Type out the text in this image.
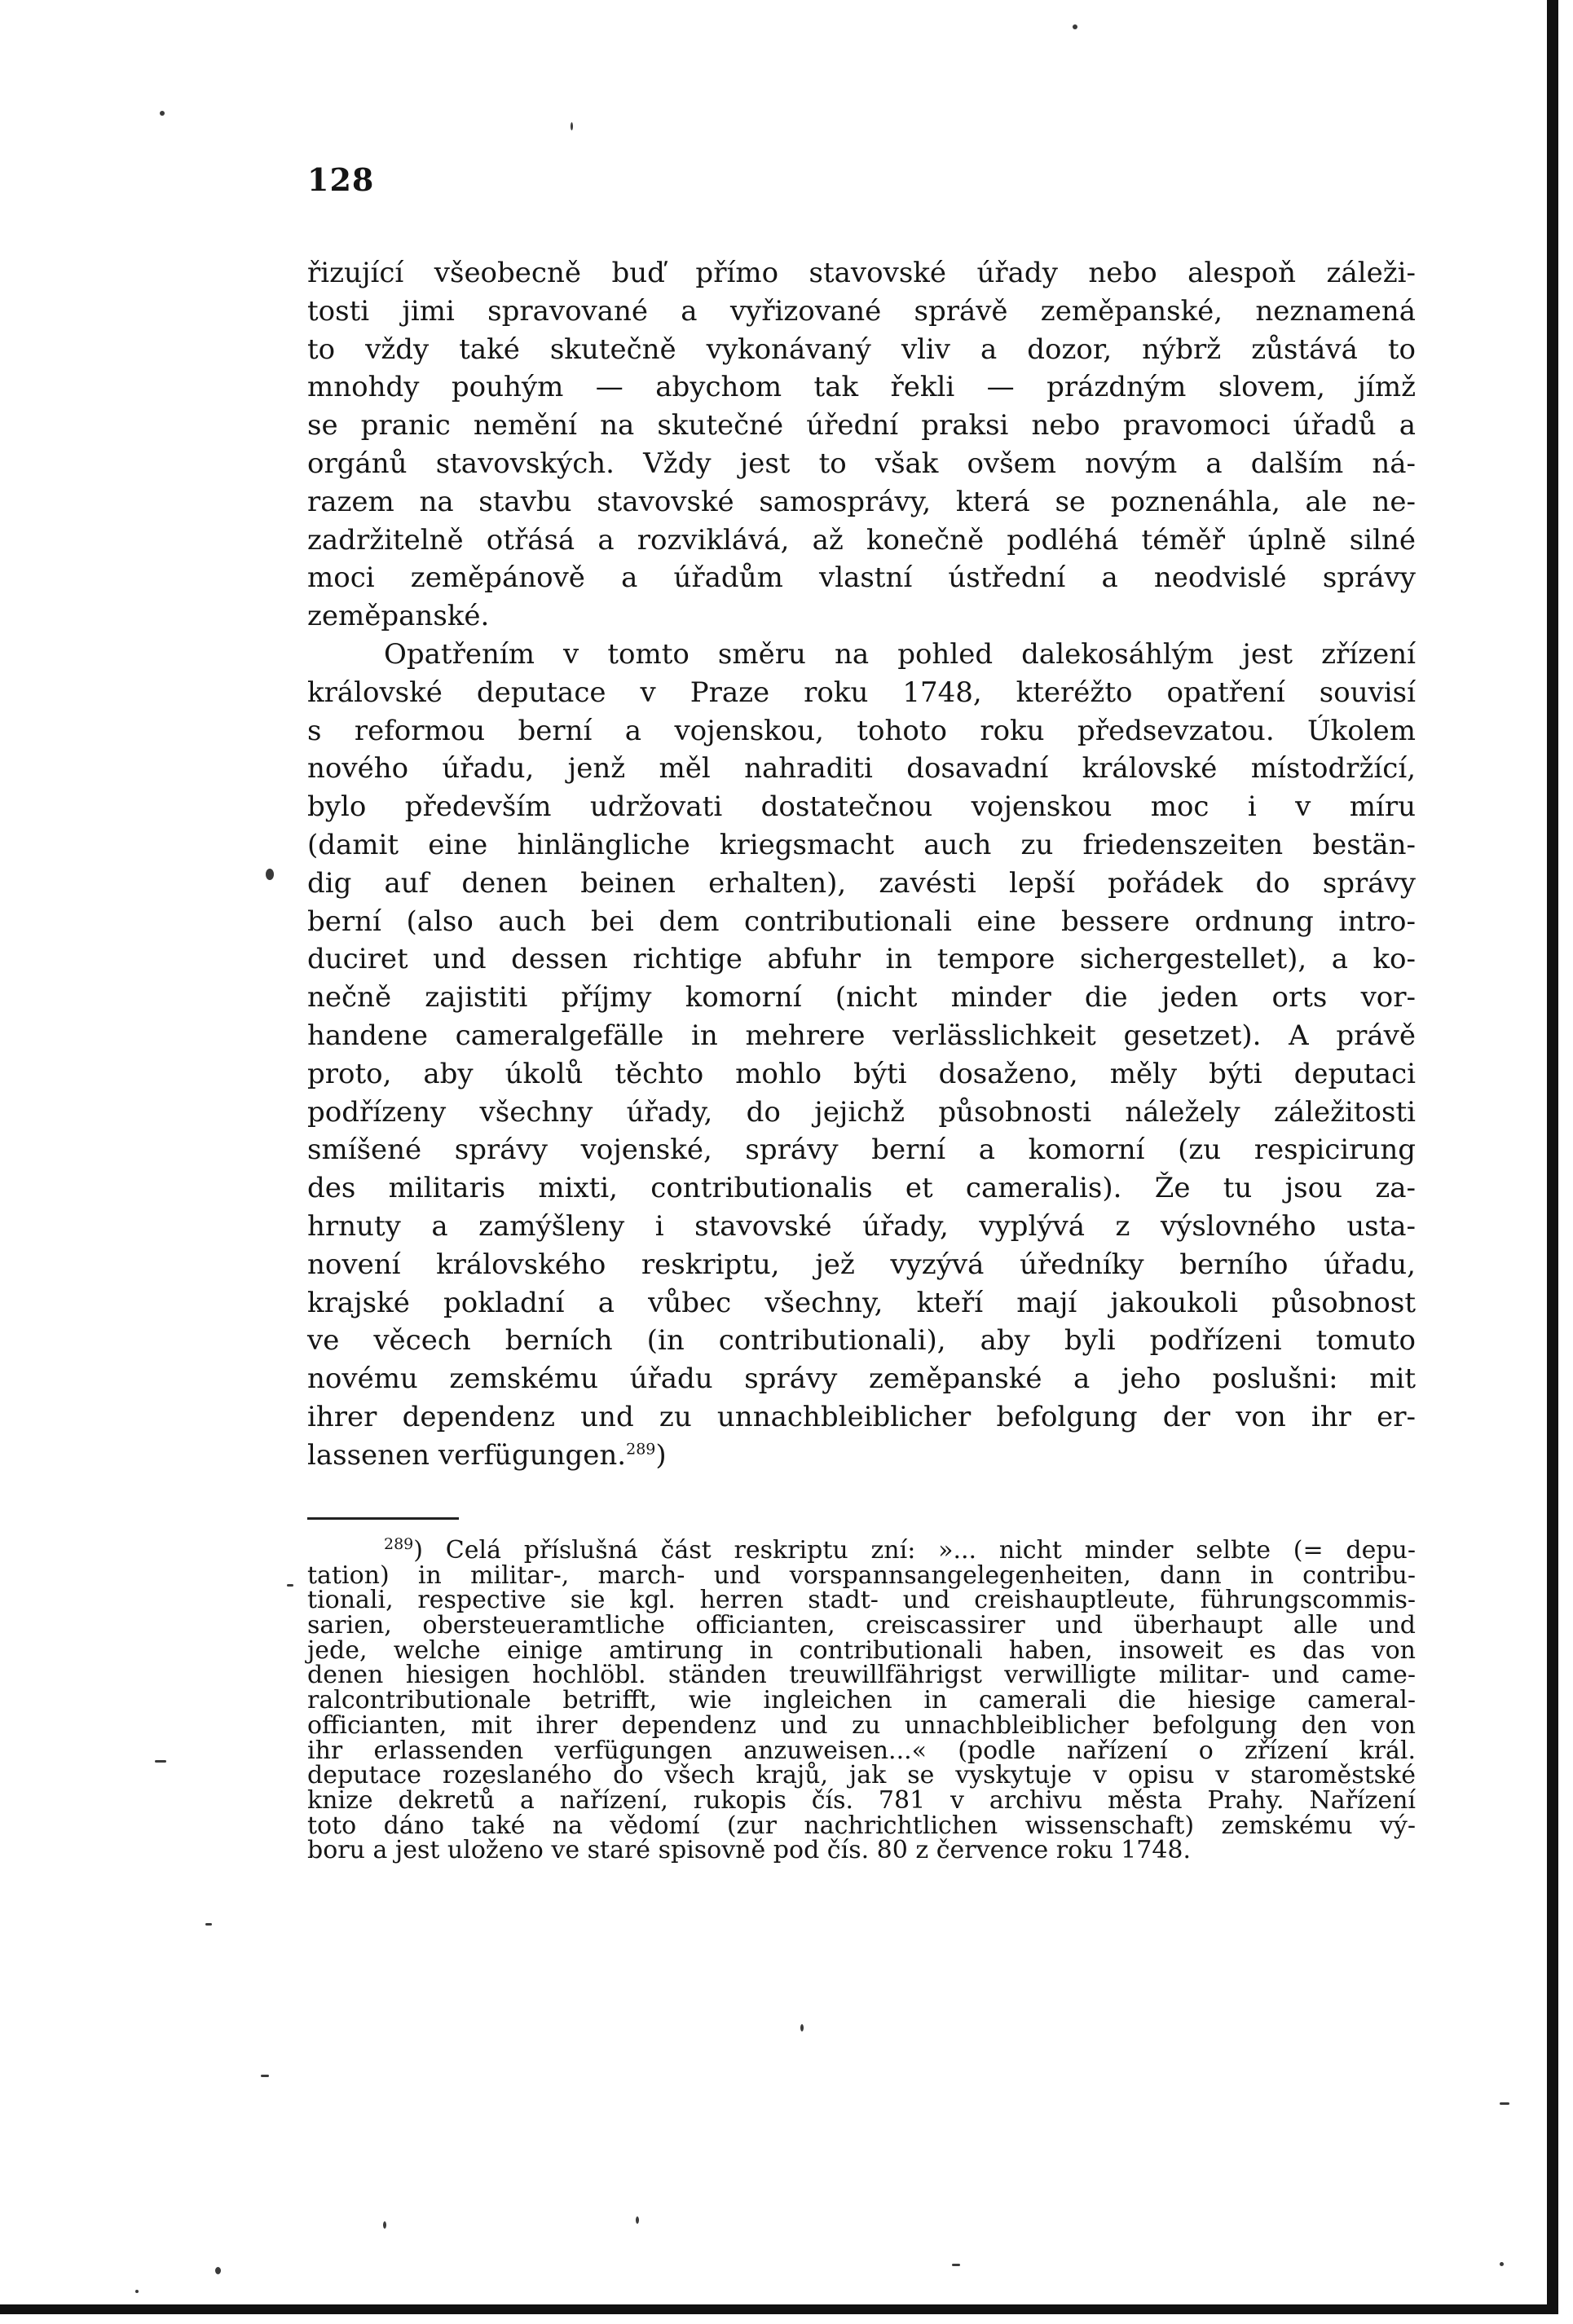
128

řizující všeobecně buď přímo stavovské úřady nebo alespoň záleži-

tosti jimi spravované a vyřizované správě zeměpanské, neznamená

to vždy také skutečně vykonávaný vliv a dozor, nýbrž zůstává to

mnohdy pouhým — abychom tak řekli — prázdným slovem, jímž

se pranic nemění na skutečné úřední praksi nebo pravomoci úřadů a

orgánů stavovských. Vždy jest to však ovšem novým a dalším ná-

razem na stavbu stavovské samosprávy, která se poznenáhla, ale ne-

zadržitelně otřásá a rozviklává, až konečně podléhá téměř úplně silné

moci zeměpánově a úřadům vlastní ústřední a neodvislé správy

zeměpanské.

Opatřením v tomto směru na pohled dalekosáhlým jest zřízení

královské deputace v Praze roku 1748, kteréžto opatření souvisí

s reformou berní a vojenskou, tohoto roku předsevzatou. Úkolem

nového úřadu, jenž měl nahraditi dosavadní královské místodržící,

bylo především udržovati dostatečnou vojenskou moc i v míru

(damit eine hinlängliche kriegsmacht auch zu friedenszeiten bestän-

dig auf denen beinen erhalten), zavésti lepší pořádek do správy

berní (also auch bei dem contributionali eine bessere ordnung intro-

duciret und dessen richtige abfuhr in tempore sichergestellet), a ko-

nečně zajistiti příjmy komorní (nicht minder die jeden orts vor-

handene cameralgefälle in mehrere verlässlichkeit gesetzet). A právě

proto, aby úkolů těchto mohlo býti dosaženo, měly býti deputaci

podřízeny všechny úřady, do jejichž působnosti náležely záležitosti

smíšené správy vojenské, správy berní a komorní (zu respicirung

des militaris mixti, contributionalis et cameralis). Že tu jsou za-

hrnuty a zamýšleny i stavovské úřady, vyplývá z výslovného usta-

novení královského reskriptu, jež vyzývá úředníky berního úřadu,

krajské pokladní a vůbec všechny, kteří mají jakoukoli působnost

ve věcech berních (in contributionali), aby byli podřízeni tomuto

novému zemskému úřadu správy zeměpanské a jeho poslušni: mit

ihrer dependenz und zu unnachbleiblicher befolgung der von ihr er-

lassenen verfügungen.$^{289}$)

$^{289}$) Celá příslušná část reskriptu zní: »... nicht minder selbte (= depu-

tation) in militar-, march- und vorspannsangelegenheiten, dann in contribu-

tionali, respective sie kgl. herren stadt- und creishauptleute, führungscommis-

sarien, obersteueramtliche officianten, creiscassirer und überhaupt alle und

jede, welche einige amtirung in contributionali haben, insoweit es das von

denen hiesigen hochlöbl. ständen treuwillfährigst verwilligte militar- und came-

ralcontributionale betrifft, wie ingleichen in camerali die hiesige cameral-

officianten, mit ihrer dependenz und zu unnachbleiblicher befolgung den von

ihr erlassenden verfügungen anzuweisen...« (podle nařízení o zřízení král.

deputace rozeslaného do všech krajů, jak se vyskytuje v opisu v staroměstské

knize dekretů a nařízení, rukopis čís. 781 v archivu města Prahy. Nařízení

toto dáno také na vědomí (zur nachrichtlichen wissenschaft) zemskému vý-

boru a jest uloženo ve staré spisovně pod čís. 80 z července roku 1748.
